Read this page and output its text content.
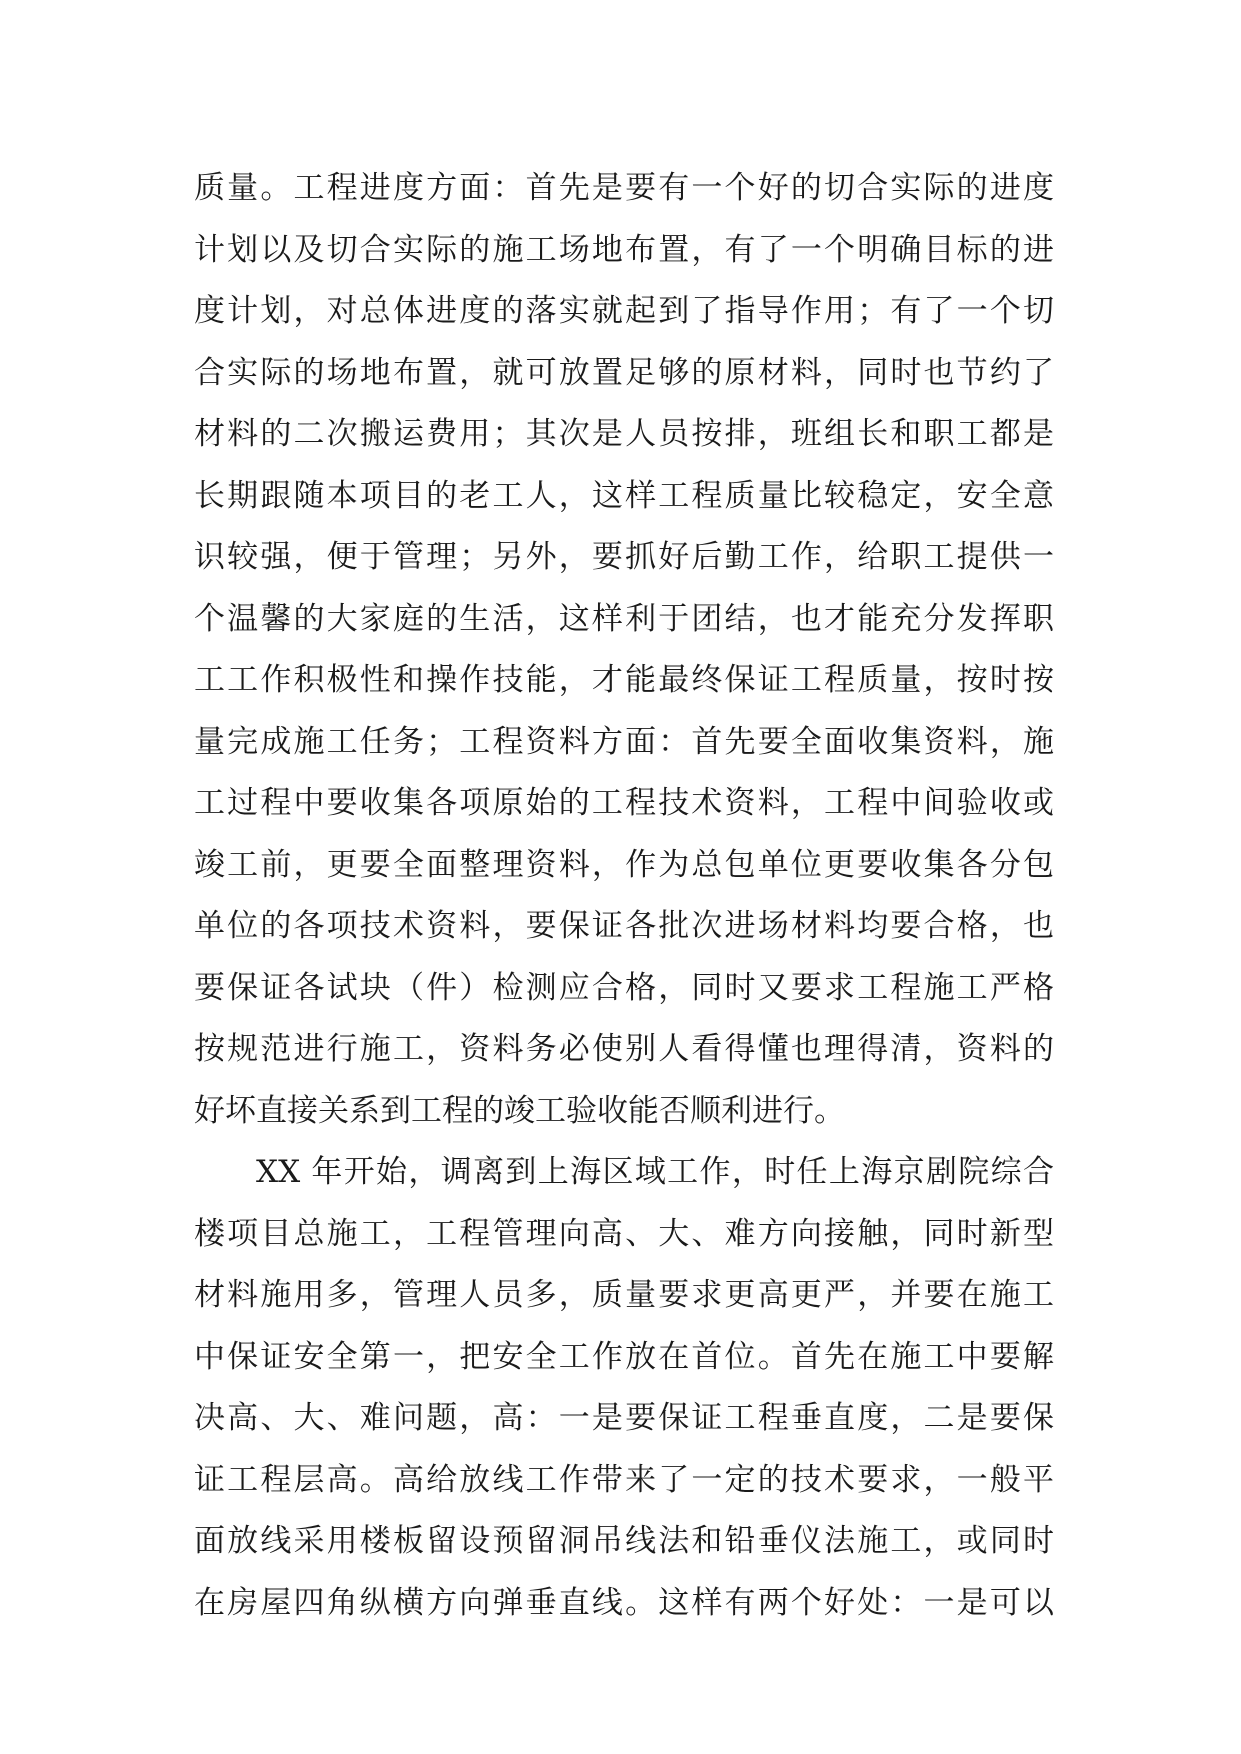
质量。工程进度方面：首先是要有一个好的切合实际的进度
计划以及切合实际的施工场地布置，有了一个明确目标的进
度计划，对总体进度的落实就起到了指导作用；有了一个切
合实际的场地布置，就可放置足够的原材料，同时也节约了
材料的二次搬运费用；其次是人员按排，班组长和职工都是
长期跟随本项目的老工人，这样工程质量比较稳定，安全意
识较强，便于管理；另外，要抓好后勤工作，给职工提供一
个温馨的大家庭的生活，这样利于团结，也才能充分发挥职
工工作积极性和操作技能，才能最终保证工程质量，按时按
量完成施工任务；工程资料方面：首先要全面收集资料，施
工过程中要收集各项原始的工程技术资料，工程中间验收或
竣工前，更要全面整理资料，作为总包单位更要收集各分包
单位的各项技术资料，要保证各批次进场材料均要合格，也
要保证各试块（件）检测应合格，同时又要求工程施工严格
按规范进行施工，资料务必使别人看得懂也理得清，资料的
好坏直接关系到工程的竣工验收能否顺利进行。
XX 年开始，调离到上海区域工作，时任上海京剧院综合
楼项目总施工，工程管理向高、大、难方向接触，同时新型
材料施用多，管理人员多，质量要求更高更严，并要在施工
中保证安全第一，把安全工作放在首位。首先在施工中要解
决高、大、难问题，高：一是要保证工程垂直度，二是要保
证工程层高。高给放线工作带来了一定的技术要求，一般平
面放线采用楼板留设预留洞吊线法和铅垂仪法施工，或同时
在房屋四角纵横方向弹垂直线。这样有两个好处：一是可以
